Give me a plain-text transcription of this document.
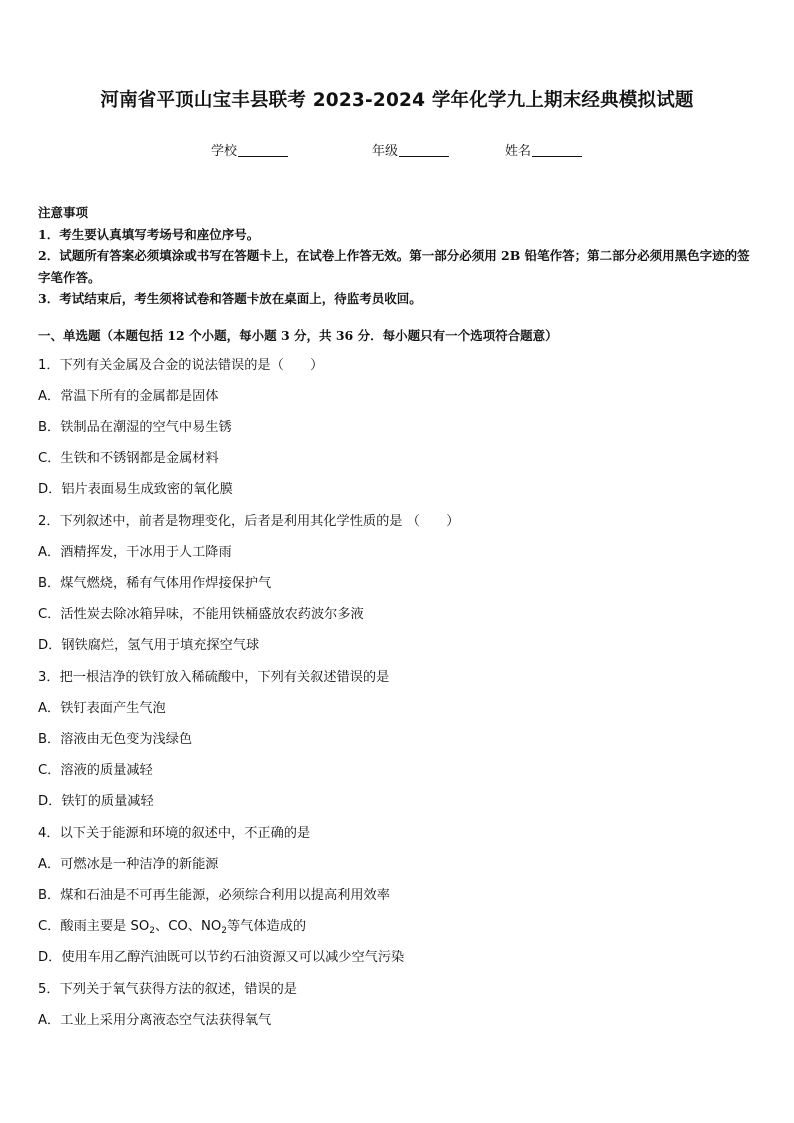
河南省平顶山宝丰县联考 2023-2024 学年化学九上期末经典模拟试题
学校	年级	姓名
注意事项
1．考生要认真填写考场号和座位序号。
2．试题所有答案必须填涂或书写在答题卡上，在试卷上作答无效。第一部分必须用 2B 铅笔作答；第二部分必须用黑色字迹的签字笔作答。
3．考试结束后，考生须将试卷和答题卡放在桌面上，待监考员收回。
一、单选题（本题包括 12 个小题，每小题 3 分，共 36 分．每小题只有一个选项符合题意）
1．下列有关金属及合金的说法错误的是（　　）
A．常温下所有的金属都是固体
B．铁制品在潮湿的空气中易生锈
C．生铁和不锈钢都是金属材料
D．铝片表面易生成致密的氧化膜
2．下列叙述中，前者是物理变化，后者是利用其化学性质的是 （　　）
A．酒精挥发，干冰用于人工降雨
B．煤气燃烧，稀有气体用作焊接保护气
C．活性炭去除冰箱异味，不能用铁桶盛放农药波尔多液
D．钢铁腐烂，氢气用于填充探空气球
3．把一根洁净的铁钉放入稀硫酸中，下列有关叙述错误的是
A．铁钉表面产生气泡
B．溶液由无色变为浅绿色
C．溶液的质量减轻
D．铁钉的质量减轻
4．以下关于能源和环境的叙述中，不正确的是
A．可燃冰是一种洁净的新能源
B．煤和石油是不可再生能源，必须综合利用以提高利用效率
C．酸雨主要是 $SO_2$、CO、$NO_2$等气体造成的
D．使用车用乙醇汽油既可以节约石油资源又可以减少空气污染
5．下列关于氧气获得方法的叙述，错误的是
A．工业上采用分离液态空气法获得氧气
